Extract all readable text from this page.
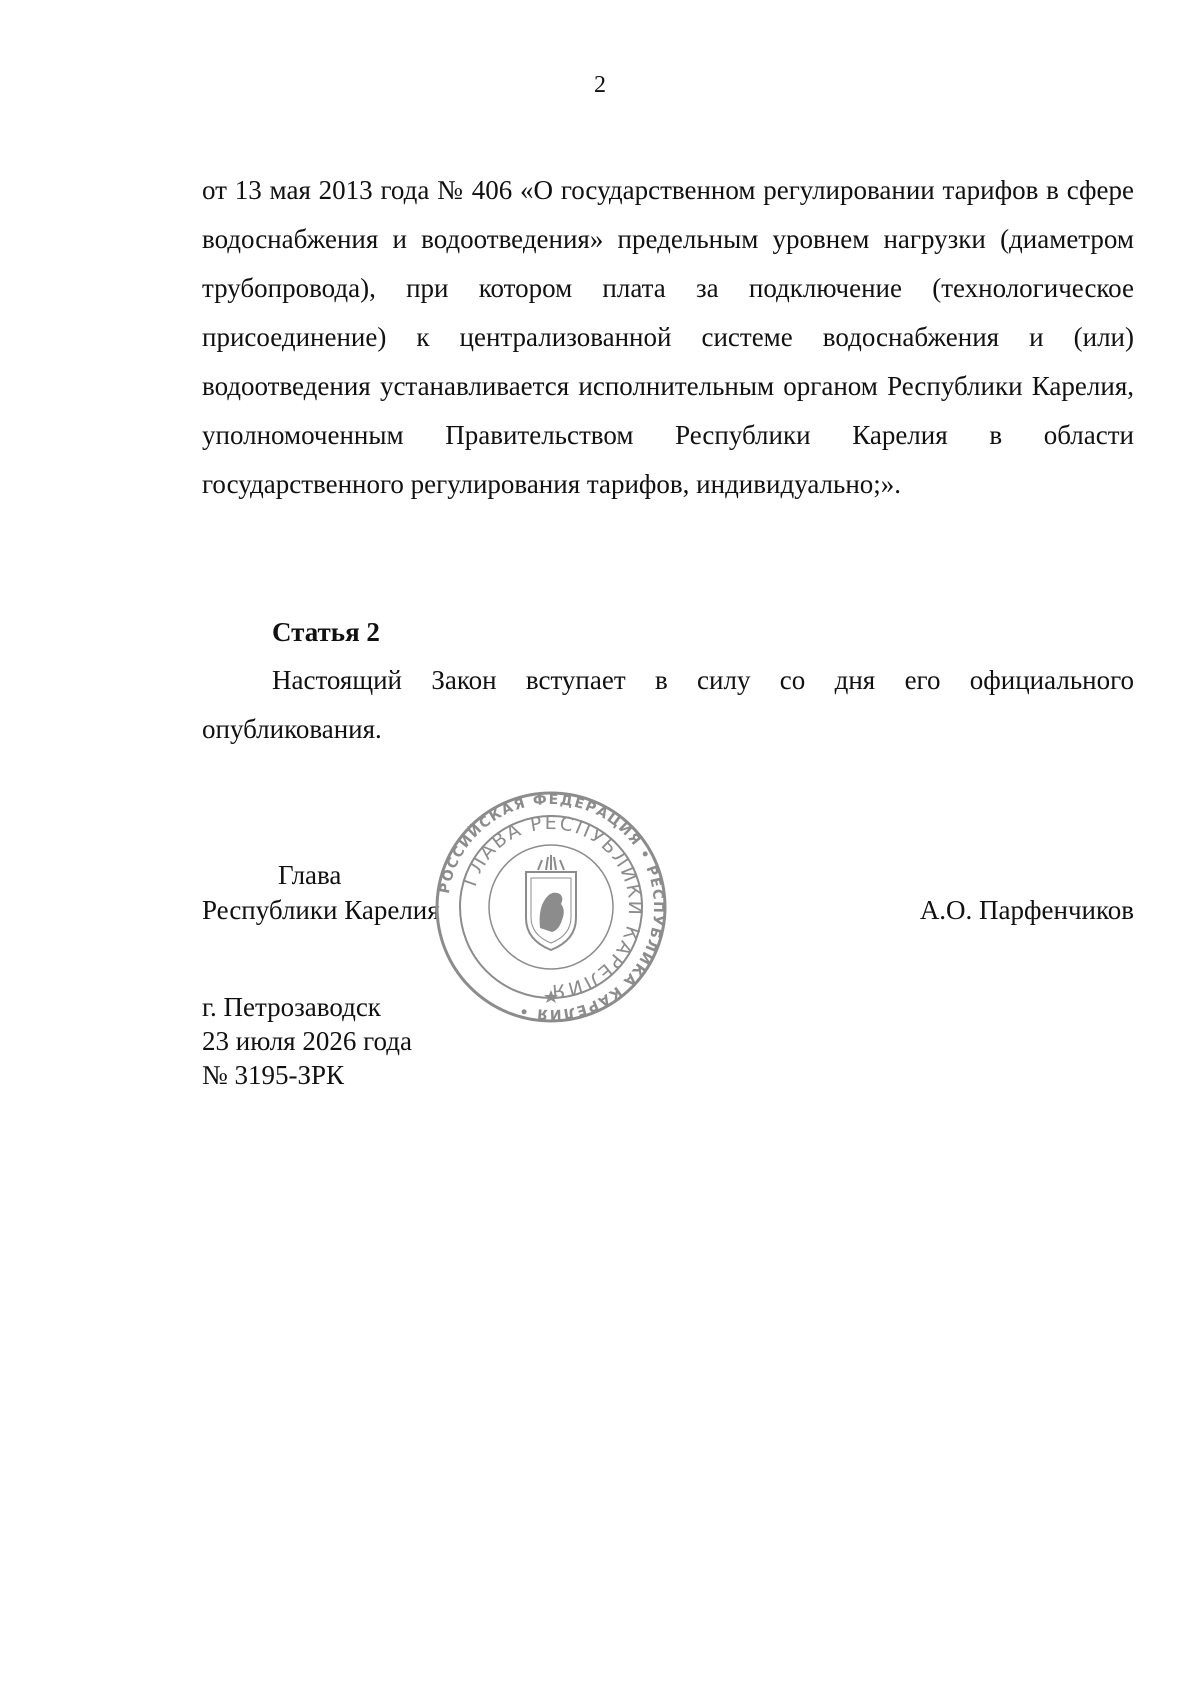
2

от 13 мая 2013 года № 406 «О государственном регулировании тарифов в сфере водоснабжения и водоотведения» предельным уровнем нагрузки (диаметром трубопровода), при котором плата за подключение (технологическое присоединение) к централизованной системе водоснабжения и (или) водоотведения устанавливается исполнительным органом Республики Карелия, уполномоченным Правительством Республики Карелия в области государственного регулирования тарифов, индивидуально;».

Статья 2

Настоящий Закон вступает в силу со дня его официального опубликования.

Глава
Республики Карелия	А.О. Парфенчиков
г. Петрозаводск
23 июля 2026 года
№ 3195-ЗРК
РОССИЙСКАЯ ФЕДЕРАЦИЯ • РЕСПУБЛИКА КАРЕЛИЯ •
ГЛАВА РЕСПУБЛИКИ КАРЕЛИЯ
